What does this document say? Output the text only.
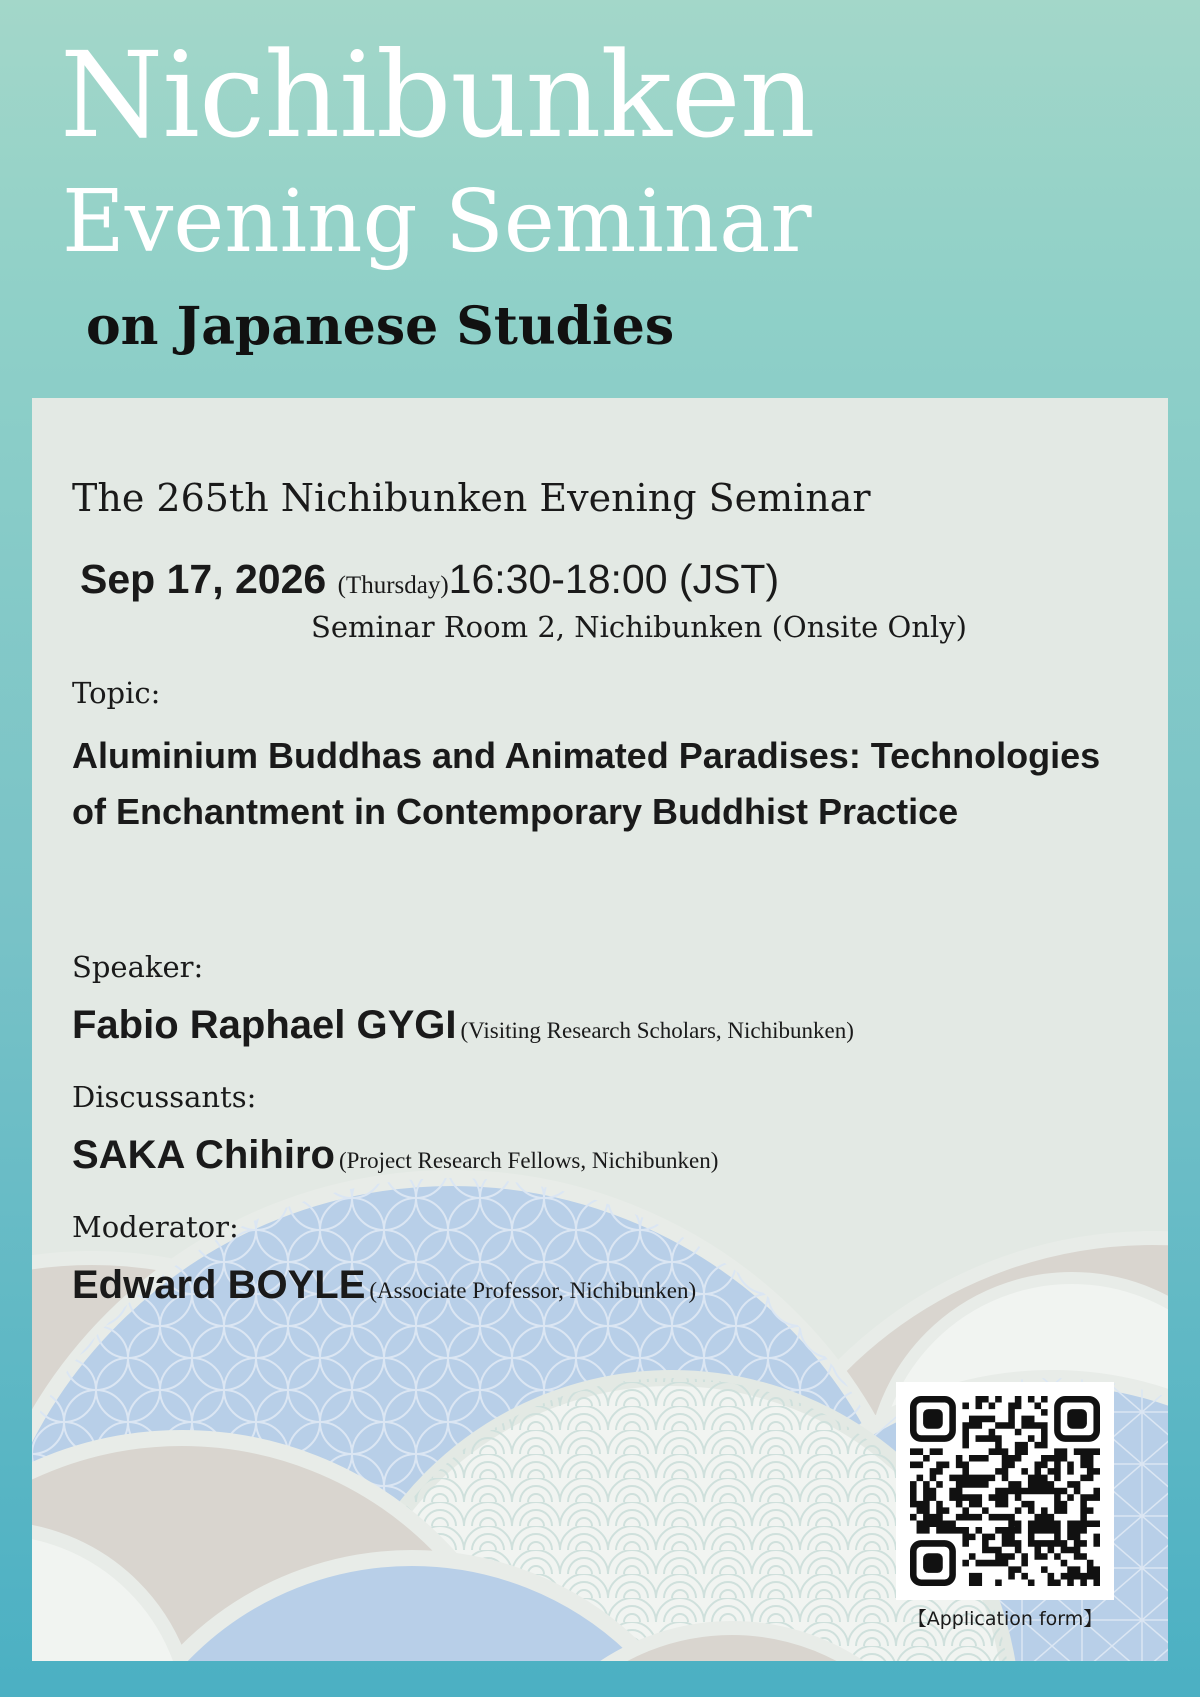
Nichibunken
Evening Seminar
on Japanese Studies
The 265th Nichibunken Evening Seminar
Sep 17, 2026 (Thursday)16:30-18:00 (JST)
Seminar Room 2, Nichibunken (Onsite Only)
Topic:
Aluminium Buddhas and Animated Paradises: Technologies of Enchantment in Contemporary Buddhist Practice
Speaker:
Fabio Raphael GYGI (Visiting Research Scholars, Nichibunken)
Discussants:
SAKA Chihiro (Project Research Fellows, Nichibunken)
Moderator:
Edward BOYLE (Associate Professor, Nichibunken)
【Application form】
